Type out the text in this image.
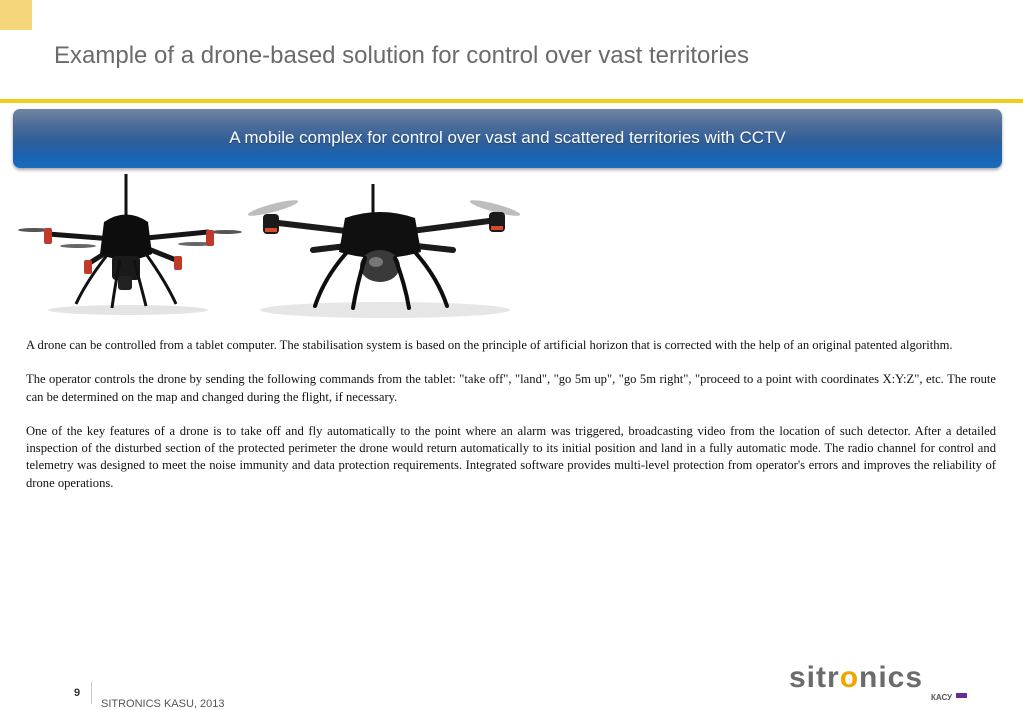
Example of a drone-based solution for control over vast territories
A mobile complex for control over vast and scattered territories with CCTV

A drone can be controlled from a tablet computer. The stabilisation system is based on the principle of artificial horizon that is corrected with the help of an original patented algorithm.

The operator controls the drone by sending the following commands from the tablet: "take off", "land", "go 5m up", "go 5m right", "proceed to a point with coordinates X:Y:Z", etc. The route can be determined on the map and changed during the flight, if necessary.

One of the key features of a drone is to take off and fly automatically to the point where an alarm was triggered, broadcasting video from the location of such detector. After a detailed inspection of the disturbed section of the protected perimeter the drone would return automatically to its initial position and land in a fully automatic mode. The radio channel for control and telemetry was designed to meet the noise immunity and data protection requirements. Integrated software provides multi-level protection from operator's errors and improves the reliability of drone operations.

9
SITRONICS KASU, 2013
sitronics
КАСУ
